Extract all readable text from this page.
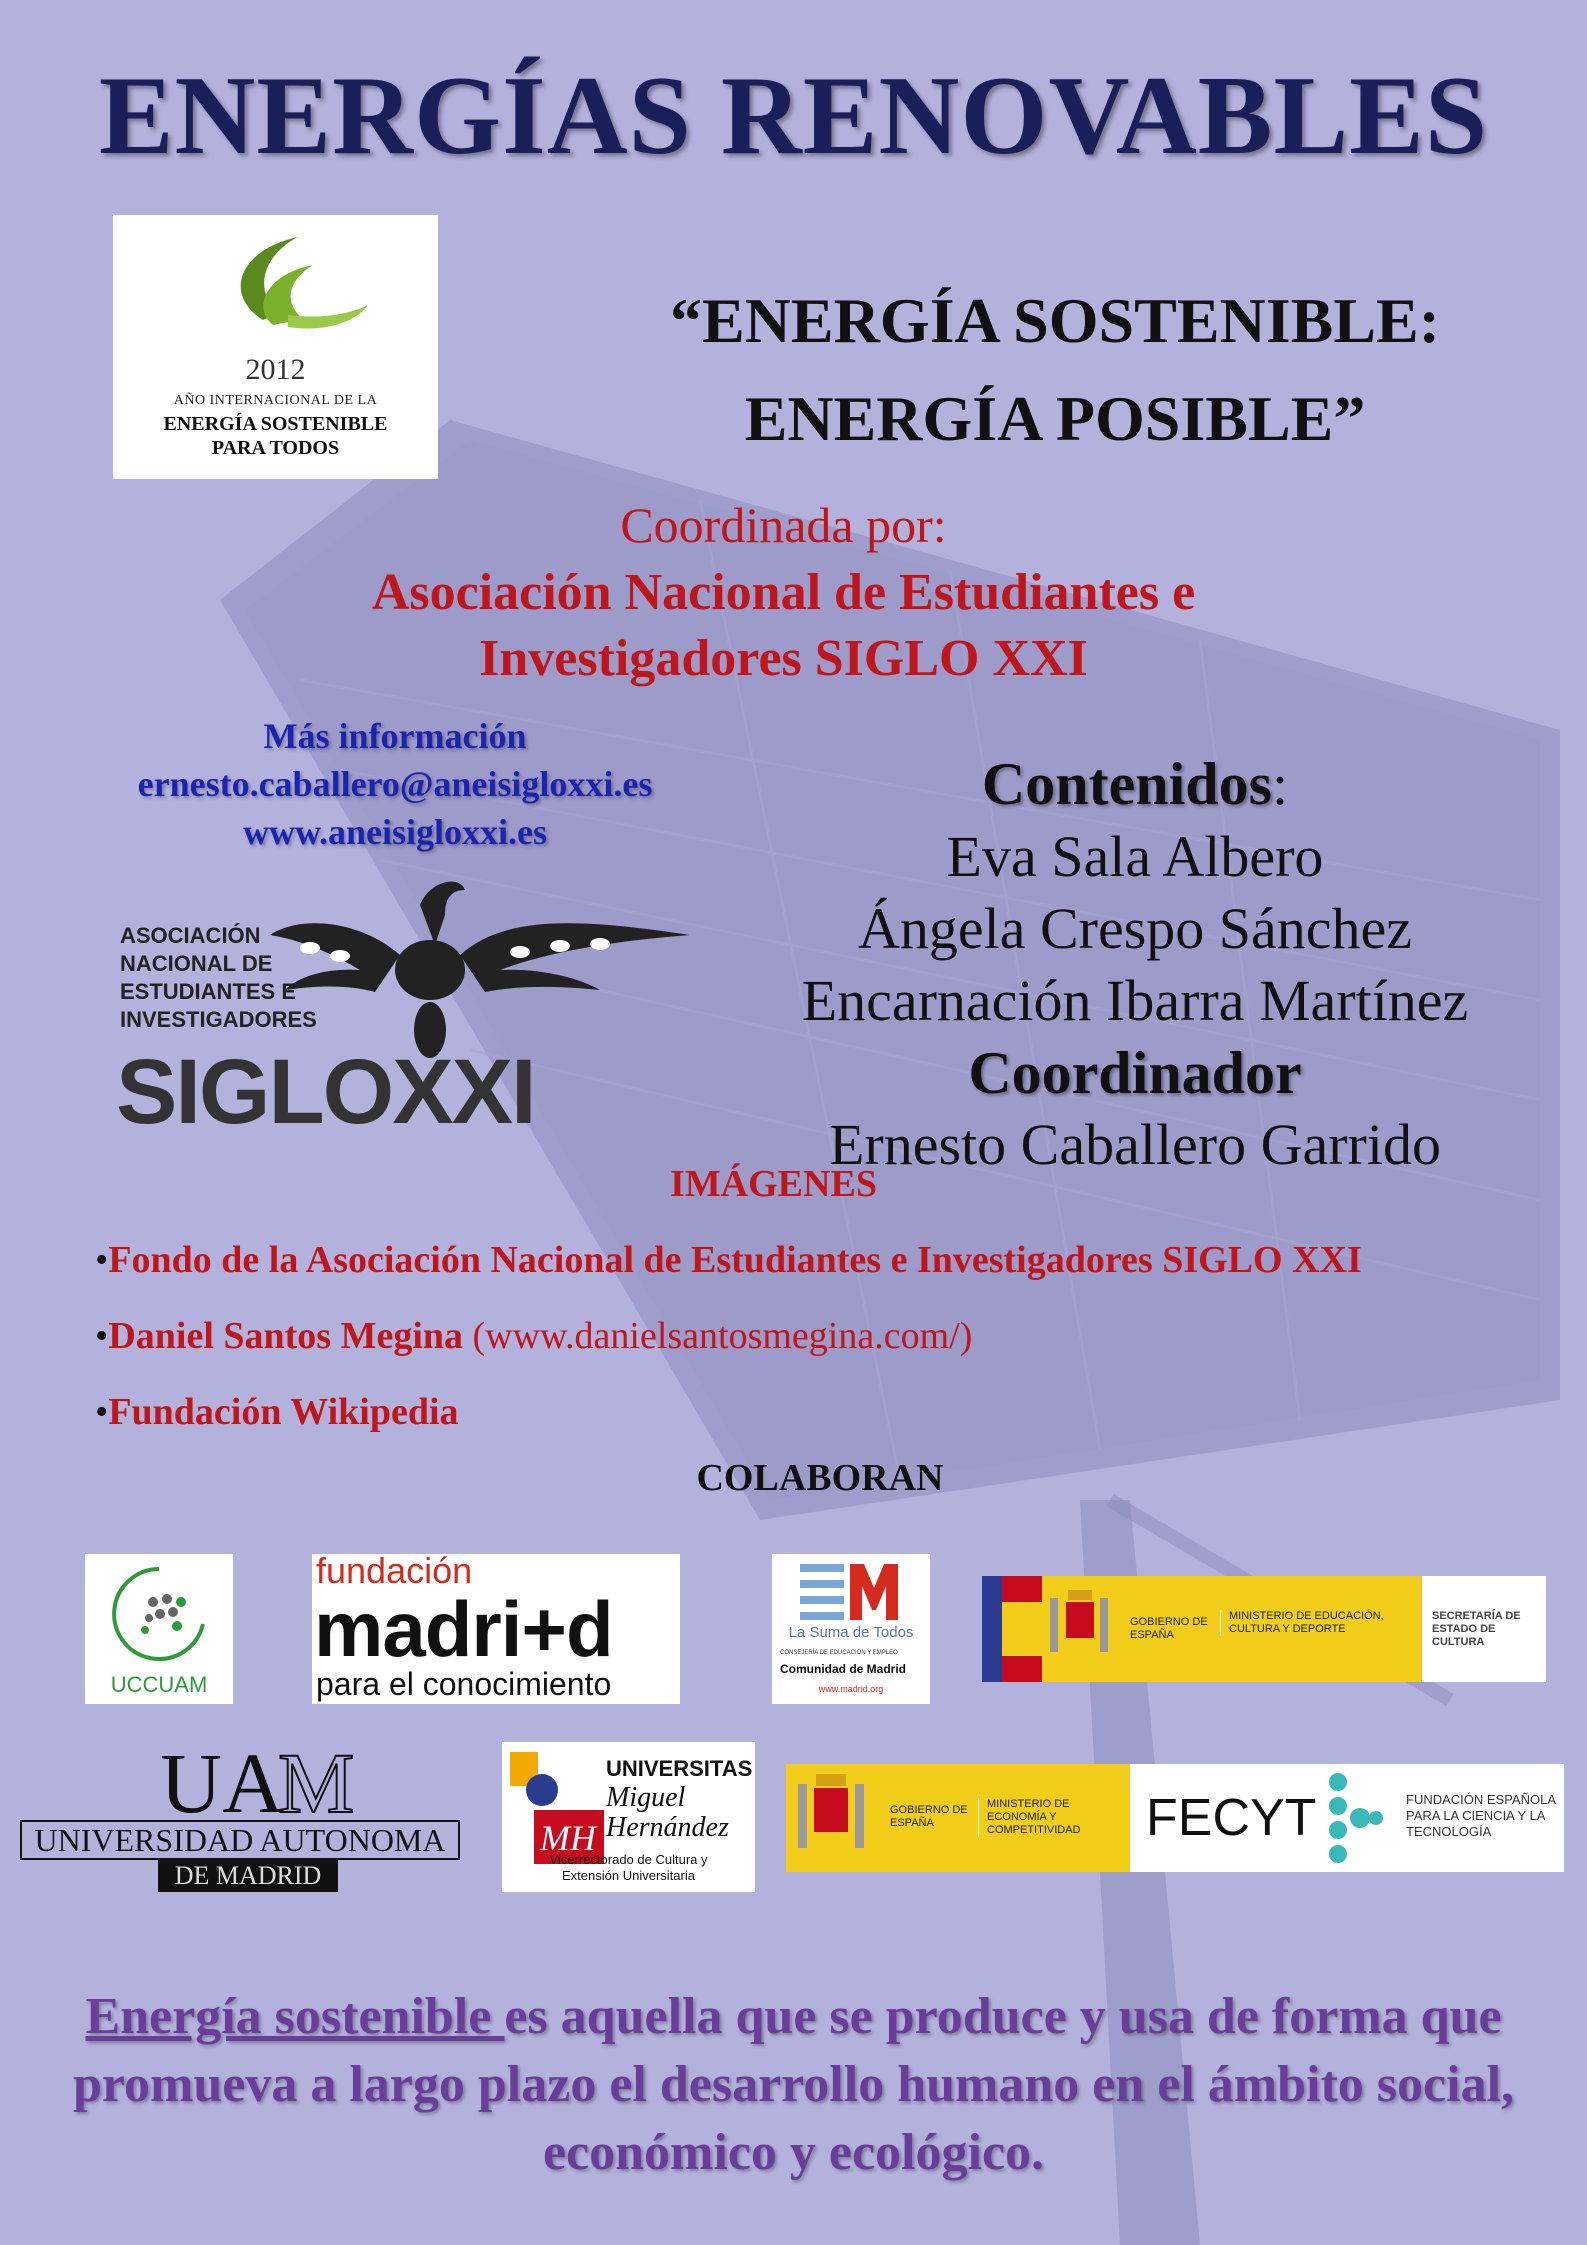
ENERGÍAS RENOVABLES
2012
AÑO INTERNACIONAL DE LA
ENERGÍA SOSTENIBLE
PARA TODOS
“ENERGÍA SOSTENIBLE:
ENERGÍA POSIBLE”
Coordinada por:
Asociación Nacional de Estudiantes e
Investigadores SIGLO XXI
Más información
ernesto.caballero@aneisigloxxi.es
www.aneisigloxxi.es
Contenidos:
Eva Sala Albero
Ángela Crespo Sánchez
Encarnación Ibarra Martínez
Coordinador
Ernesto Caballero Garrido
ASOCIACIÓN
NACIONAL DE
ESTUDIANTES E
INVESTIGADORES
SIGLOXXI
IMÁGENES
•Fondo de la Asociación Nacional de Estudiantes e Investigadores SIGLO XXI
•Daniel Santos Megina (www.danielsantosmegina.com/)
•Fundación Wikipedia
COLABORAN
UCCUAM
fundación
madri+d
para el conocimiento
La Suma de Todos
CONSEJERÍA DE EDUCACIÓN Y EMPLEO
Comunidad de Madrid
www.madrid.org
GOBIERNO DE ESPAÑA
MINISTERIO DE EDUCACIÓN, CULTURA Y DEPORTE
SECRETARÍA DE ESTADO DE CULTURA
UA
M
UNIVERSIDAD AUTONOMA
DE MADRID
MH
UNIVERSITAS
Miguel
Hernández
Vicerrectorado de Cultura y
Extensión Universitaria
GOBIERNO DE ESPAÑA
MINISTERIO DE ECONOMÍA Y COMPETITIVIDAD	FECYT	FUNDACIÓN ESPAÑOLA PARA LA CIENCIA Y LA TECNOLOGÍA
Energía sostenible es aquella que se produce y usa de forma que promueva a largo plazo el desarrollo humano en el ámbito social, económico y ecológico.
